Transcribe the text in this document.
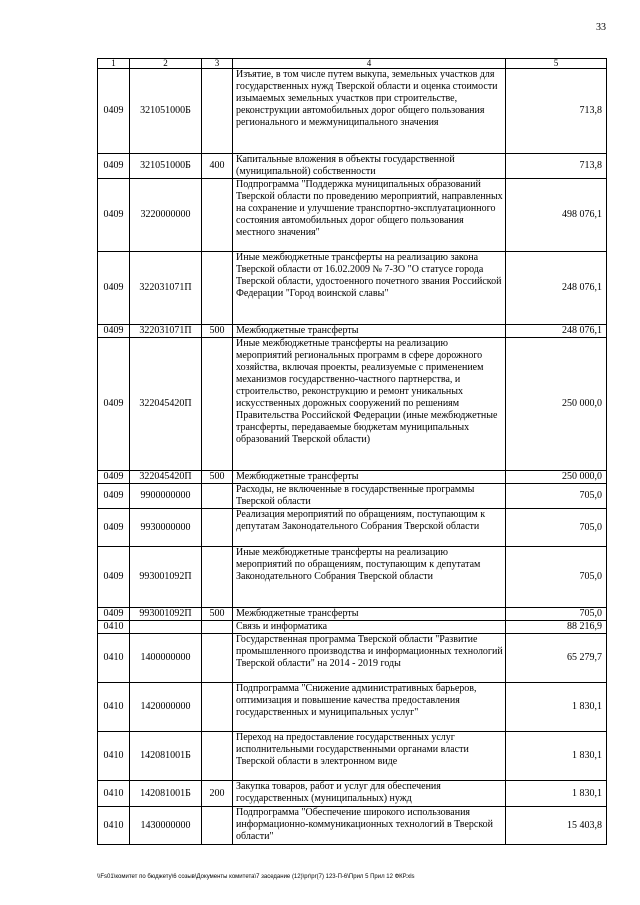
33
1	2	3	4	5
0409	321051000Б		Изъятие, в том числе путем выкупа, земельных участков для государственных нужд Тверской области и оценка стоимости изымаемых земельных участков при строительстве, реконструкции автомобильных дорог общего пользования регионального и межмуниципального значения	713,8
0409	321051000Б	400	Капитальные вложения в объекты государственной (муниципальной) собственности	713,8
0409	3220000000		Подпрограмма "Поддержка муниципальных образований Тверской области по проведению мероприятий, направленных на сохранение и улучшение транспортно-эксплуатационного состояния автомобильных дорог общего пользования местного значения"	498 076,1
0409	322031071П		Иные межбюджетные трансферты на реализацию закона Тверской области от 16.02.2009 № 7-ЗО "О статусе города Тверской области, удостоенного почетного звания Российской Федерации "Город воинской славы"	248 076,1
0409	322031071П	500	Межбюджетные трансферты	248 076,1
0409	322045420П		Иные межбюджетные трансферты на реализацию мероприятий региональных программ в сфере дорожного хозяйства, включая проекты, реализуемые с применением механизмов государственно-частного партнерства, и строительство, реконструкцию и ремонт уникальных искусственных дорожных сооружений по решениям Правительства Российской Федерации (иные межбюджетные трансферты, передаваемые бюджетам муниципальных образований Тверской области)	250 000,0
0409	322045420П	500	Межбюджетные трансферты	250 000,0
0409	9900000000		Расходы, не включенные в государственные программы Тверской области	705,0
0409	9930000000		Реализация мероприятий по обращениям, поступающим к депутатам Законодательного Собрания Тверской области	705,0
0409	993001092П		Иные межбюджетные трансферты на реализацию мероприятий по обращениям, поступающим к депутатам Законодательного Собрания Тверской области	705,0
0409	993001092П	500	Межбюджетные трансферты	705,0
0410			Связь и информатика	88 216,9
0410	1400000000		Государственная программа Тверской области "Развитие промышленного производства и информационных технологий Тверской области" на 2014 - 2019 годы	65 279,7
0410	1420000000		Подпрограмма "Снижение административных барьеров, оптимизация и повышение качества предоставления государственных и муниципальных услуг"	1 830,1
0410	142081001Б		Переход на предоставление государственных услуг исполнительными государственными органами власти Тверской области в электронном виде	1 830,1
0410	142081001Б	200	Закупка товаров, работ и услуг для обеспечения государственных (муниципальных) нужд	1 830,1
0410	1430000000		Подпрограмма "Обеспечение широкого использования информационно-коммуникационных технологий в Тверской области"	15 403,8
\\Fs01\комитет по бюджету\6 созыв\Документы комитета\7 заседание (12)\pr\pr(7) 123-П-6\Прил 5 Прил 12 ФКР.xls
